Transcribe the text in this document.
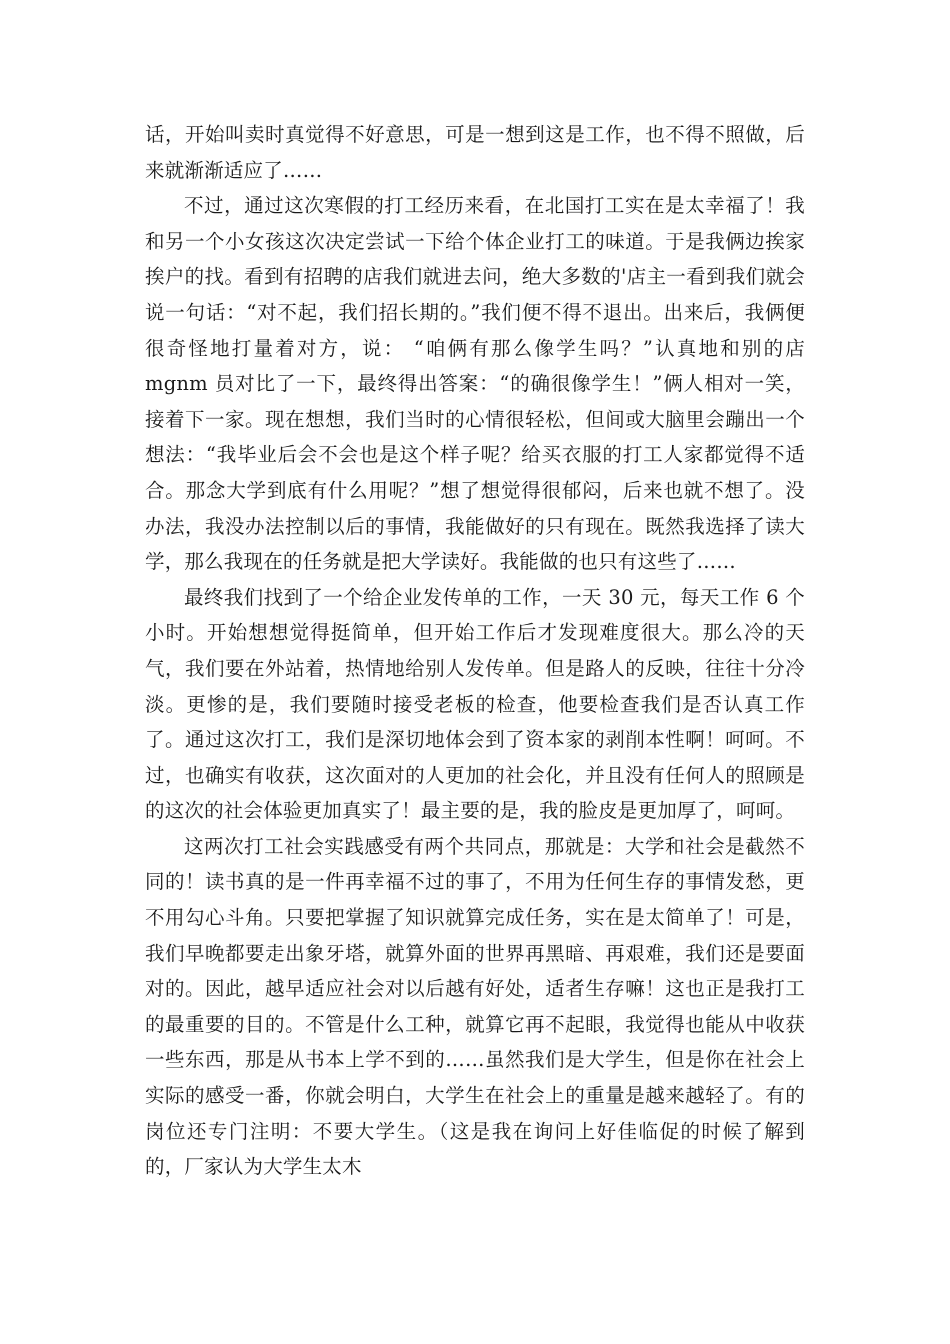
话，开始叫卖时真觉得不好意思，可是一想到这是工作，也不得不照做，后来就渐渐适应了……

不过，通过这次寒假的打工经历来看，在北国打工实在是太幸福了！我和另一个小女孩这次决定尝试一下给个体企业打工的味道。于是我俩边挨家挨户的找。看到有招聘的店我们就进去问，绝大多数的'店主一看到我们就会说一句话：“对不起，我们招长期的。”我们便不得不退出。出来后，我俩便很奇怪地打量着对方，说： “咱俩有那么像学生吗？”认真地和别的店 mgnm 员对比了一下，最终得出答案：“的确很像学生！”俩人相对一笑，接着下一家。现在想想，我们当时的心情很轻松，但间或大脑里会蹦出一个想法：“我毕业后会不会也是这个样子呢？给买衣服的打工人家都觉得不适合。那念大学到底有什么用呢？”想了想觉得很郁闷，后来也就不想了。没办法，我没办法控制以后的事情，我能做好的只有现在。既然我选择了读大学，那么我现在的任务就是把大学读好。我能做的也只有这些了……

最终我们找到了一个给企业发传单的工作，一天 30 元，每天工作 6 个小时。开始想想觉得挺简单，但开始工作后才发现难度很大。那么冷的天气，我们要在外站着，热情地给别人发传单。但是路人的反映，往往十分冷淡。更惨的是，我们要随时接受老板的检查，他要检查我们是否认真工作了。通过这次打工，我们是深切地体会到了资本家的剥削本性啊！呵呵。不过，也确实有收获，这次面对的人更加的社会化，并且没有任何人的照顾是的这次的社会体验更加真实了！最主要的是，我的脸皮是更加厚了，呵呵。

这两次打工社会实践感受有两个共同点，那就是：大学和社会是截然不同的！读书真的是一件再幸福不过的事了，不用为任何生存的事情发愁，更不用勾心斗角。只要把掌握了知识就算完成任务，实在是太简单了！可是，我们早晚都要走出象牙塔，就算外面的世界再黑暗、再艰难，我们还是要面对的。因此，越早适应社会对以后越有好处，适者生存嘛！这也正是我打工的最重要的目的。不管是什么工种，就算它再不起眼，我觉得也能从中收获一些东西，那是从书本上学不到的……虽然我们是大学生，但是你在社会上实际的感受一番，你就会明白，大学生在社会上的重量是越来越轻了。有的岗位还专门注明：不要大学生。（这是我在询问上好佳临促的时候了解到的，厂家认为大学生太木
